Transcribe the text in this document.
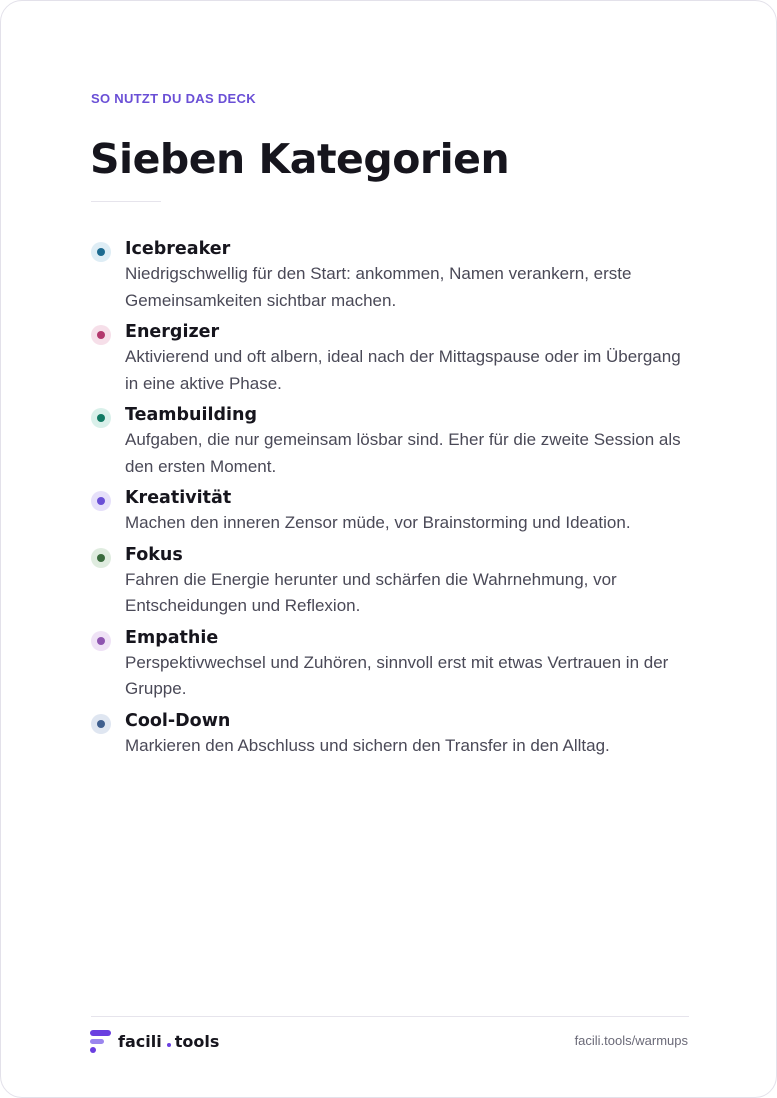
SO NUTZT DU DAS DECK
Sieben Kategorien
Icebreaker
Niedrigschwellig für den Start: ankommen, Namen verankern, erste Gemeinsamkeiten sichtbar machen.
Energizer
Aktivierend und oft albern, ideal nach der Mittagspause oder im Übergang in eine aktive Phase.
Teambuilding
Aufgaben, die nur gemeinsam lösbar sind. Eher für die zweite Session als den ersten Moment.
Kreativität
Machen den inneren Zensor müde, vor Brainstorming und Ideation.
Fokus
Fahren die Energie herunter und schärfen die Wahrnehmung, vor Entscheidungen und Reflexion.
Empathie
Perspektivwechsel und Zuhören, sinnvoll erst mit etwas Vertrauen in der Gruppe.
Cool-Down
Markieren den Abschluss und sichern den Transfer in den Alltag.
facili tools	facili.tools/warmups
